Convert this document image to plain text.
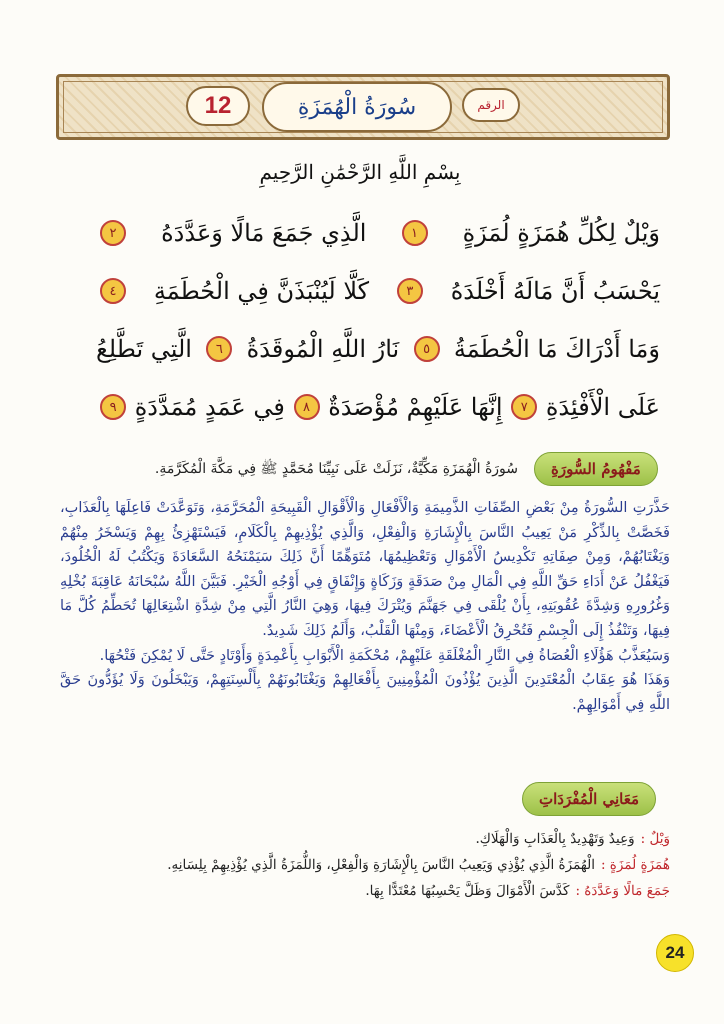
12	سُورَةُ الْهُمَزَةِ	الرقم
بِسْمِ اللَّهِ الرَّحْمَٰنِ الرَّحِيمِ
وَيْلٌ لِكُلِّ هُمَزَةٍ لُمَزَةٍ
١
الَّذِي جَمَعَ مَالًا وَعَدَّدَهُ
٢
يَحْسَبُ أَنَّ مَالَهُ أَخْلَدَهُ
٣
كَلَّا لَيُنْبَذَنَّ فِي الْحُطَمَةِ
٤
وَمَا أَدْرَاكَ مَا الْحُطَمَةُ
٥
نَارُ اللَّهِ الْمُوقَدَةُ
٦
الَّتِي تَطَّلِعُ
عَلَى الْأَفْئِدَةِ
٧
إِنَّهَا عَلَيْهِمْ مُؤْصَدَةٌ
٨
فِي عَمَدٍ مُمَدَّدَةٍ
٩
مَفْهُومُ السُّورَةِ
سُورَةُ الْهُمَزَةِ مَكِّيَّةٌ، نَزَلَتْ عَلَى نَبِيِّنَا مُحَمَّدٍ ﷺ فِي مَكَّةَ الْمُكَرَّمَةِ.

حَذَّرَتِ السُّورَةُ مِنْ بَعْضِ الصِّفَاتِ الذَّمِيمَةِ وَالْأَفْعَالِ وَالْأَقْوَالِ الْقَبِيحَةِ الْمُحَرَّمَةِ، وَتَوَعَّدَتْ فَاعِلَهَا بِالْعَذَابِ، فَخَصَّتْ بِالذِّكْرِ مَنْ يَعِيبُ النَّاسَ بِالْإِشَارَةِ وَالْفِعْلِ، وَالَّذِي يُؤْذِيهِمْ بِالْكَلَامِ، فَيَسْتَهْزِئُ بِهِمْ وَيَسْخَرُ مِنْهُمْ وَيَغْتَابُهُمْ، وَمِنْ صِفَاتِهِ تَكْدِيسُ الْأَمْوَالِ وَتَعْظِيمُهَا، مُتَوَهِّمًا أَنَّ ذَلِكَ سَيَمْنَحُهُ السَّعَادَةَ وَيَكْتُبُ لَهُ الْخُلُودَ، فَيَغْفُلُ عَنْ أَدَاءِ حَقِّ اللَّهِ فِي الْمَالِ مِنْ صَدَقَةٍ وَزَكَاةٍ وَإِنْفَاقٍ فِي أَوْجُهِ الْخَيْرِ. فَبَيَّنَ اللَّهُ سُبْحَانَهُ عَاقِبَةَ بُخْلِهِ وَغُرُورِهِ وَشِدَّةَ عُقُوبَتِهِ، بِأَنْ يُلْقَى فِي جَهَنَّمَ وَيُتْرَكَ فِيهَا، وَهِيَ النَّارُ الَّتِي مِنْ شِدَّةِ اشْتِعَالِهَا تُحَطِّمُ كُلَّ مَا فِيهَا، وَتَنْفُذُ إِلَى الْجِسْمِ فَتُحْرِقُ الْأَعْضَاءَ، وَمِنْهَا الْقَلْبُ، وَأَلَمُ ذَلِكَ شَدِيدٌ.

وَسَيُعَذَّبُ هَؤُلَاءِ الْعُصَاةُ فِي النَّارِ الْمُغْلَقَةِ عَلَيْهِمْ، مُحْكَمَةِ الْأَبْوَابِ بِأَعْمِدَةٍ وَأَوْتَادٍ حَتَّى لَا يُمْكِنَ فَتْحُهَا.

وَهَذَا هُوَ عِقَابُ الْمُعْتَدِينَ الَّذِينَ يُؤْذُونَ الْمُؤْمِنِينَ بِأَفْعَالِهِمْ وَيَغْتَابُونَهُمْ بِأَلْسِنَتِهِمْ، وَيَبْخَلُونَ وَلَا يُؤَدُّونَ حَقَّ اللَّهِ فِي أَمْوَالِهِمْ.

مَعَانِي الْمُفْرَدَاتِ
وَيْلٌ :
وَعِيدٌ وَتَهْدِيدٌ بِالْعَذَابِ وَالْهَلَاكِ.
هُمَزَةٍ لُمَزَةٍ :
الْهُمَزَةُ الَّذِي يُؤْذِي وَيَعِيبُ النَّاسَ بِالْإِشَارَةِ وَالْفِعْلِ، وَاللُّمَزَةُ الَّذِي يُؤْذِيهِمْ بِلِسَانِهِ.
جَمَعَ مَالًا وَعَدَّدَهُ :
كَدَّسَ الْأَمْوَالَ وَظَلَّ يَحْسِبُهَا مُعْتَدًّا بِهَا.
24
